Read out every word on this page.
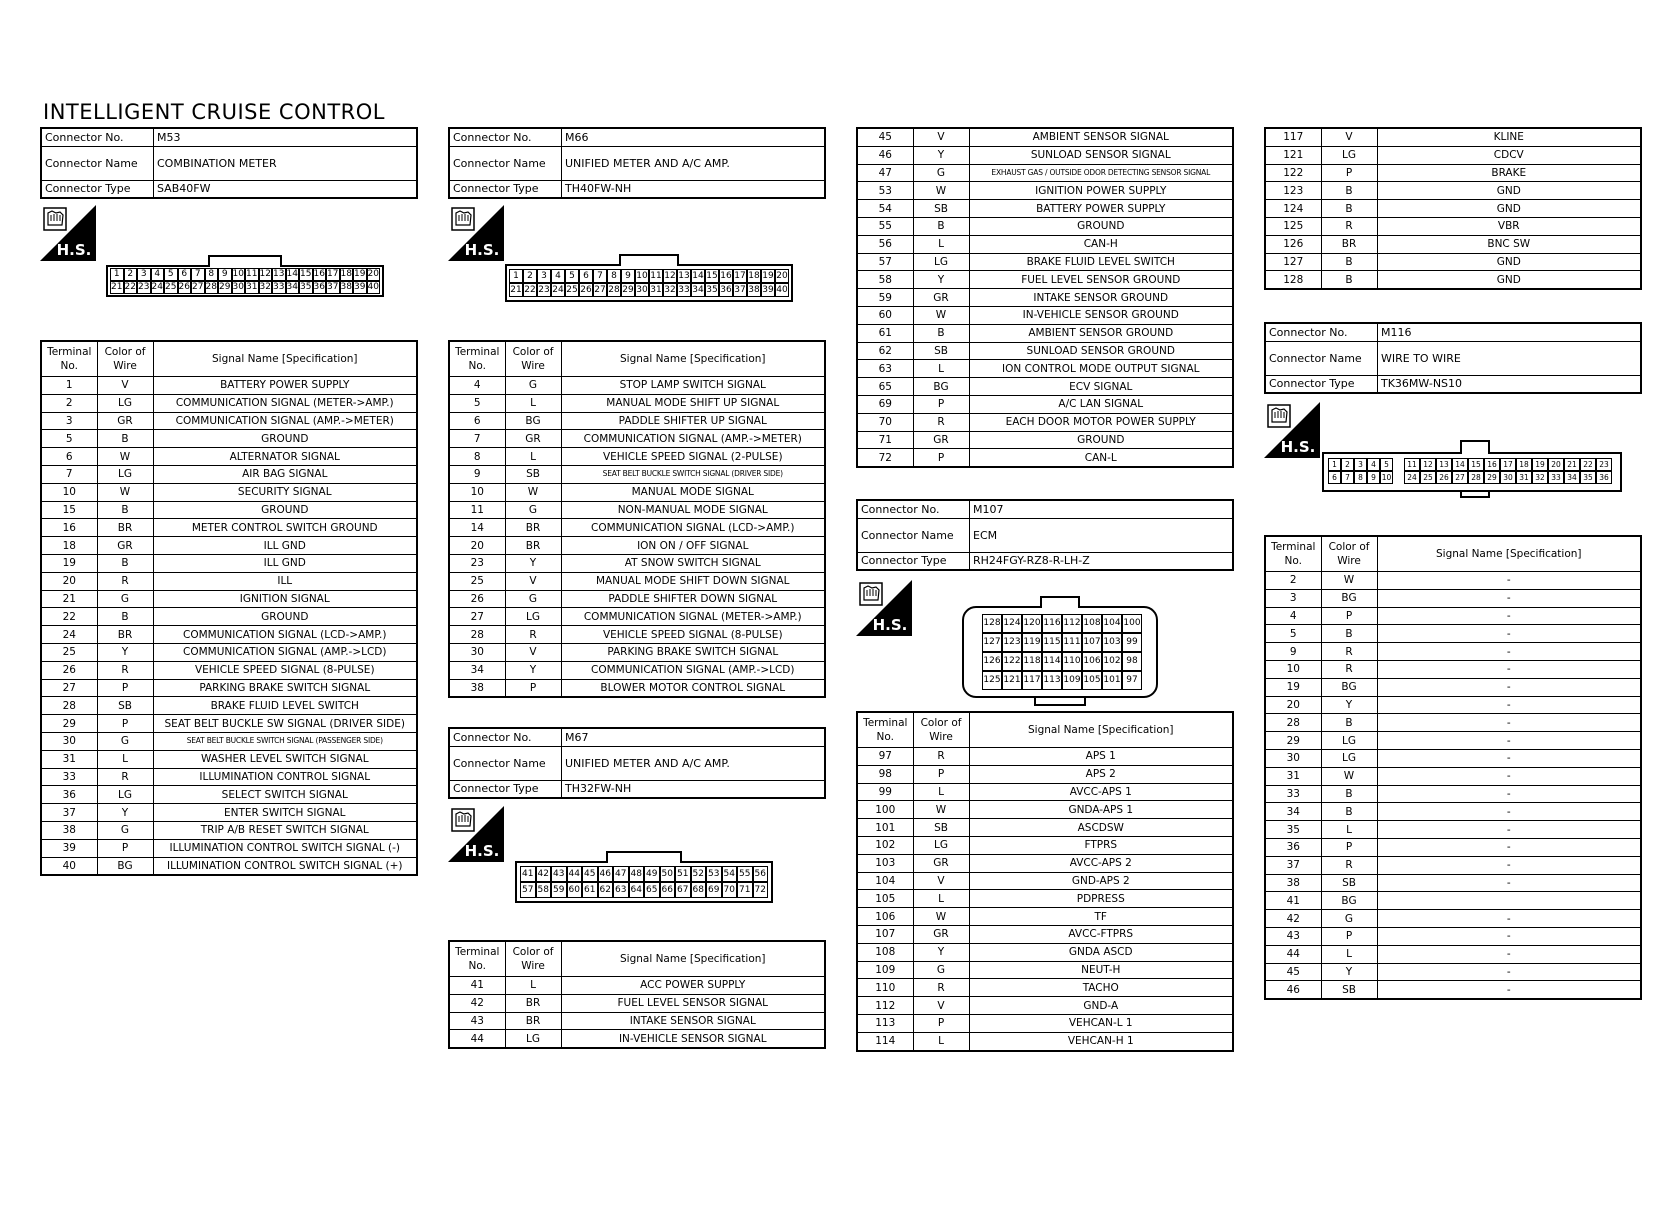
INTELLIGENT CRUISE CONTROL
Connector No.	M53
Connector Name	COMBINATION METER
Connector Type	SAB40FW
H.S.
1 2 3 4 5 6 7 8 9 10 11 12 13 14 15 16 17 18 19 20
21 22 23 24 25 26 27 28 29 30 31 32 33 34 35 36 37 38 39 40
Terminal No.	Color of Wire	Signal Name [Specification]
1	V	BATTERY POWER SUPPLY
2	LG	COMMUNICATION SIGNAL (METER->AMP.)
3	GR	COMMUNICATION SIGNAL (AMP.->METER)
5	B	GROUND
6	W	ALTERNATOR SIGNAL
7	LG	AIR BAG SIGNAL
10	W	SECURITY SIGNAL
15	B	GROUND
16	BR	METER CONTROL SWITCH GROUND
18	GR	ILL GND
19	B	ILL GND
20	R	ILL
21	G	IGNITION SIGNAL
22	B	GROUND
24	BR	COMMUNICATION SIGNAL (LCD->AMP.)
25	Y	COMMUNICATION SIGNAL (AMP.->LCD)
26	R	VEHICLE SPEED SIGNAL (8-PULSE)
27	P	PARKING BRAKE SWITCH SIGNAL
28	SB	BRAKE FLUID LEVEL SWITCH
29	P	SEAT BELT BUCKLE SW SIGNAL (DRIVER SIDE)
30	G	SEAT BELT BUCKLE SWITCH SIGNAL (PASSENGER SIDE)
31	L	WASHER LEVEL SWITCH SIGNAL
33	R	ILLUMINATION CONTROL SIGNAL
36	LG	SELECT SWITCH SIGNAL
37	Y	ENTER SWITCH SIGNAL
38	G	TRIP A/B RESET SWITCH SIGNAL
39	P	ILLUMINATION CONTROL SWITCH SIGNAL (-)
40	BG	ILLUMINATION CONTROL SWITCH SIGNAL (+)
Connector No.	M66
Connector Name	UNIFIED METER AND A/C AMP.
Connector Type	TH40FW-NH
H.S.
1 2 3 4 5 6 7 8 9 10 11 12 13 14 15 16 17 18 19 20
21 22 23 24 25 26 27 28 29 30 31 32 33 34 35 36 37 38 39 40
Terminal No.	Color of Wire	Signal Name [Specification]
4	G	STOP LAMP SWITCH SIGNAL
5	L	MANUAL MODE SHIFT UP SIGNAL
6	BG	PADDLE SHIFTER UP SIGNAL
7	GR	COMMUNICATION SIGNAL (AMP.->METER)
8	L	VEHICLE SPEED SIGNAL (2-PULSE)
9	SB	SEAT BELT BUCKLE SWITCH SIGNAL (DRIVER SIDE)
10	W	MANUAL MODE SIGNAL
11	G	NON-MANUAL MODE SIGNAL
14	BR	COMMUNICATION SIGNAL (LCD->AMP.)
20	BR	ION ON / OFF SIGNAL
23	Y	AT SNOW SWITCH SIGNAL
25	V	MANUAL MODE SHIFT DOWN SIGNAL
26	G	PADDLE SHIFTER DOWN SIGNAL
27	LG	COMMUNICATION SIGNAL (METER->AMP.)
28	R	VEHICLE SPEED SIGNAL (8-PULSE)
30	V	PARKING BRAKE SWITCH SIGNAL
34	Y	COMMUNICATION SIGNAL (AMP.->LCD)
38	P	BLOWER MOTOR CONTROL SIGNAL
Connector No.	M67
Connector Name	UNIFIED METER AND A/C AMP.
Connector Type	TH32FW-NH
H.S.
41 42 43 44 45 46 47 48 49 50 51 52 53 54 55 56
57 58 59 60 61 62 63 64 65 66 67 68 69 70 71 72
Terminal No.	Color of Wire	Signal Name [Specification]
41	L	ACC POWER SUPPLY
42	BR	FUEL LEVEL SENSOR SIGNAL
43	BR	INTAKE SENSOR SIGNAL
44	LG	IN-VEHICLE SENSOR SIGNAL
45	V	AMBIENT SENSOR SIGNAL
46	Y	SUNLOAD SENSOR SIGNAL
47	G	EXHAUST GAS / OUTSIDE ODOR DETECTING SENSOR SIGNAL
53	W	IGNITION POWER SUPPLY
54	SB	BATTERY POWER SUPPLY
55	B	GROUND
56	L	CAN-H
57	LG	BRAKE FLUID LEVEL SWITCH
58	Y	FUEL LEVEL SENSOR GROUND
59	GR	INTAKE SENSOR GROUND
60	W	IN-VEHICLE SENSOR GROUND
61	B	AMBIENT SENSOR GROUND
62	SB	SUNLOAD SENSOR GROUND
63	L	ION CONTROL MODE OUTPUT SIGNAL
65	BG	ECV SIGNAL
69	P	A/C LAN SIGNAL
70	R	EACH DOOR MOTOR POWER SUPPLY
71	GR	GROUND
72	P	CAN-L
Connector No.	M107
Connector Name	ECM
Connector Type	RH24FGY-RZ8-R-LH-Z
H.S.	128 124 120 116 112 108 104 100
127 123 119 115 111 107 103 99
126 122 118 114 110 106 102 98
125 121 117 113 109 105 101 97
Terminal No.	Color of Wire	Signal Name [Specification]
97	R	APS 1
98	P	APS 2
99	L	AVCC-APS 1
100	W	GNDA-APS 1
101	SB	ASCDSW
102	LG	FTPRS
103	GR	AVCC-APS 2
104	V	GND-APS 2
105	L	PDPRESS
106	W	TF
107	GR	AVCC-FTPRS
108	Y	GNDA ASCD
109	G	NEUT-H
110	R	TACHO
112	V	GND-A
113	P	VEHCAN-L 1
114	L	VEHCAN-H 1
117	V	KLINE
121	LG	CDCV
122	P	BRAKE
123	B	GND
124	B	GND
125	R	VBR
126	BR	BNC SW
127	B	GND
128	B	GND
Connector No.	M116
Connector Name	WIRE TO WIRE
Connector Type	TK36MW-NS10
H.S.
1	2	3	4	5
6	7	8	9 10
11 12 13 14 15 16 17 18 19 20 21 22 23
24 25 26 27 28 29 30 31 32 33 34 35 36
Terminal No.	Color of Wire	Signal Name [Specification]
2	W	-
3	BG	-
4	P	-
5	B	-
9	R	-
10	R	-
19	BG	-
20	Y	-
28	B	-
29	LG	-
30	LG	-
31	W	-
33	B	-
34	B	-
35	L	-
36	P	-
37	R	-
38	SB	-
41	BG	
42	G	-
43	P	-
44	L	-
45	Y	-
46	SB	-
